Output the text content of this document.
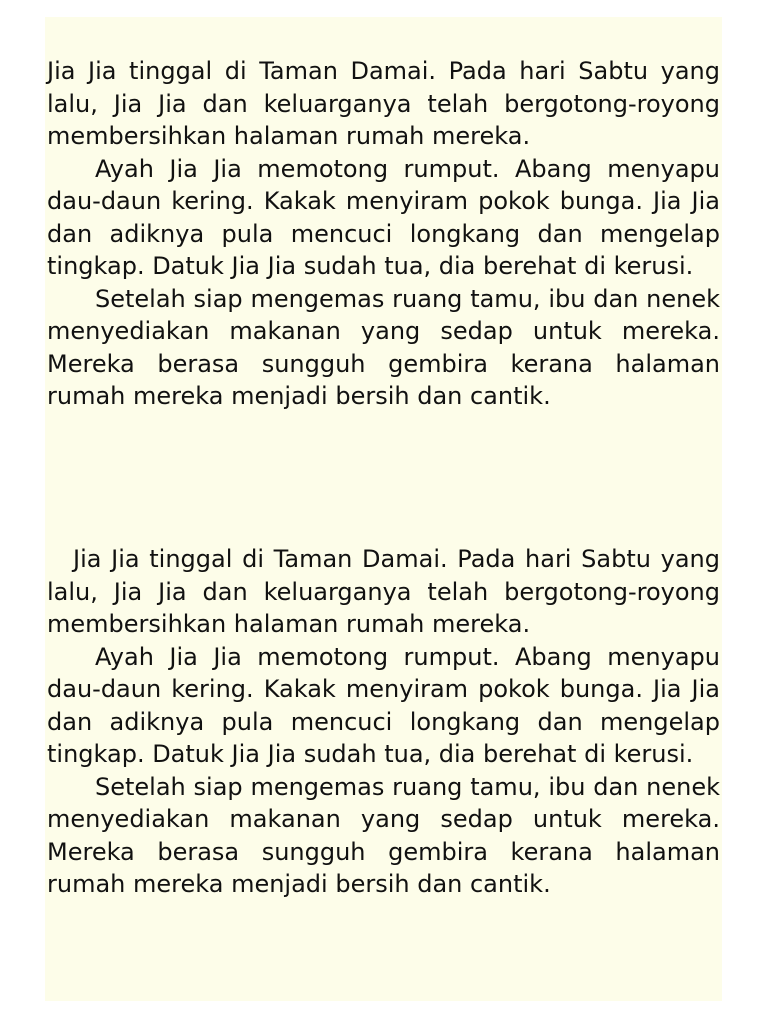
Jia Jia tinggal di Taman Damai. Pada hari Sabtu yang lalu, Jia Jia dan keluarganya telah bergotong-royong membersihkan halaman rumah mereka.

Ayah Jia Jia memotong rumput. Abang menyapu dau-daun kering. Kakak menyiram pokok bunga. Jia Jia dan adiknya pula mencuci longkang dan mengelap tingkap. Datuk Jia Jia sudah tua, dia berehat di kerusi.

Setelah siap mengemas ruang tamu, ibu dan nenek menyediakan makanan yang sedap untuk mereka. Mereka berasa sungguh gembira kerana halaman rumah mereka menjadi bersih dan cantik.

Jia Jia tinggal di Taman Damai. Pada hari Sabtu yang lalu, Jia Jia dan keluarganya telah bergotong-royong membersihkan halaman rumah mereka.

Ayah Jia Jia memotong rumput. Abang menyapu dau-daun kering. Kakak menyiram pokok bunga. Jia Jia dan adiknya pula mencuci longkang dan mengelap tingkap. Datuk Jia Jia sudah tua, dia berehat di kerusi.

Setelah siap mengemas ruang tamu, ibu dan nenek menyediakan makanan yang sedap untuk mereka. Mereka berasa sungguh gembira kerana halaman rumah mereka menjadi bersih dan cantik.
